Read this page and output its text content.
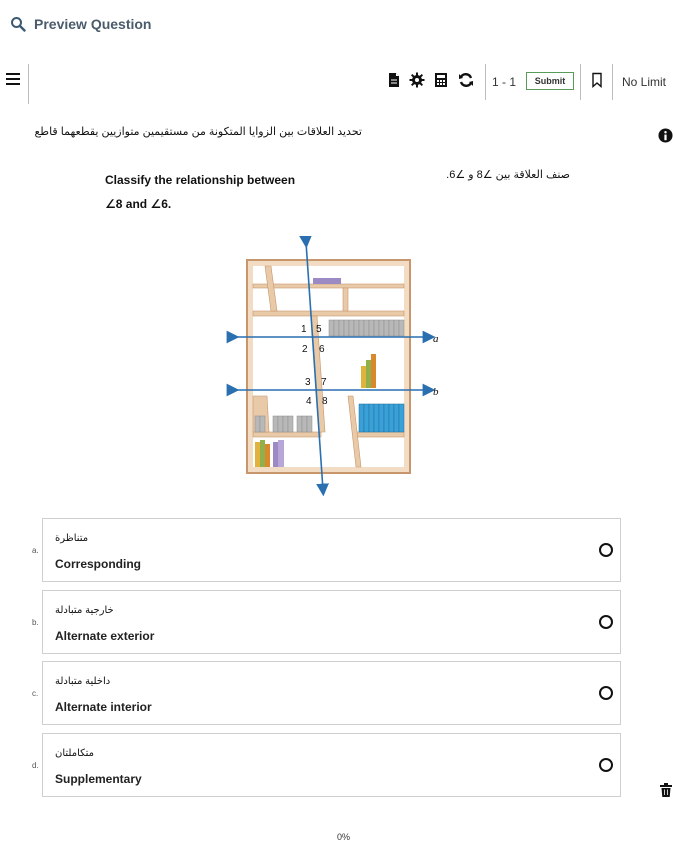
Preview Question
1 - 1	Submit	No Limit
تحديد العلاقات بين الزوايا المتكونة من مستقيمين متوازيين يقطعهما قاطع
Classify the relationship between
∠8 and ∠6.
صنف العلاقة بين ∠8 و ∠6.
a
b
1 5
2 6
3 7
4 8
a.
متناظرة
Corresponding
b.
خارجية متبادلة
Alternate exterior
c.
داخلية متبادلة
Alternate interior
d.
متكاملتان
Supplementary
0%
